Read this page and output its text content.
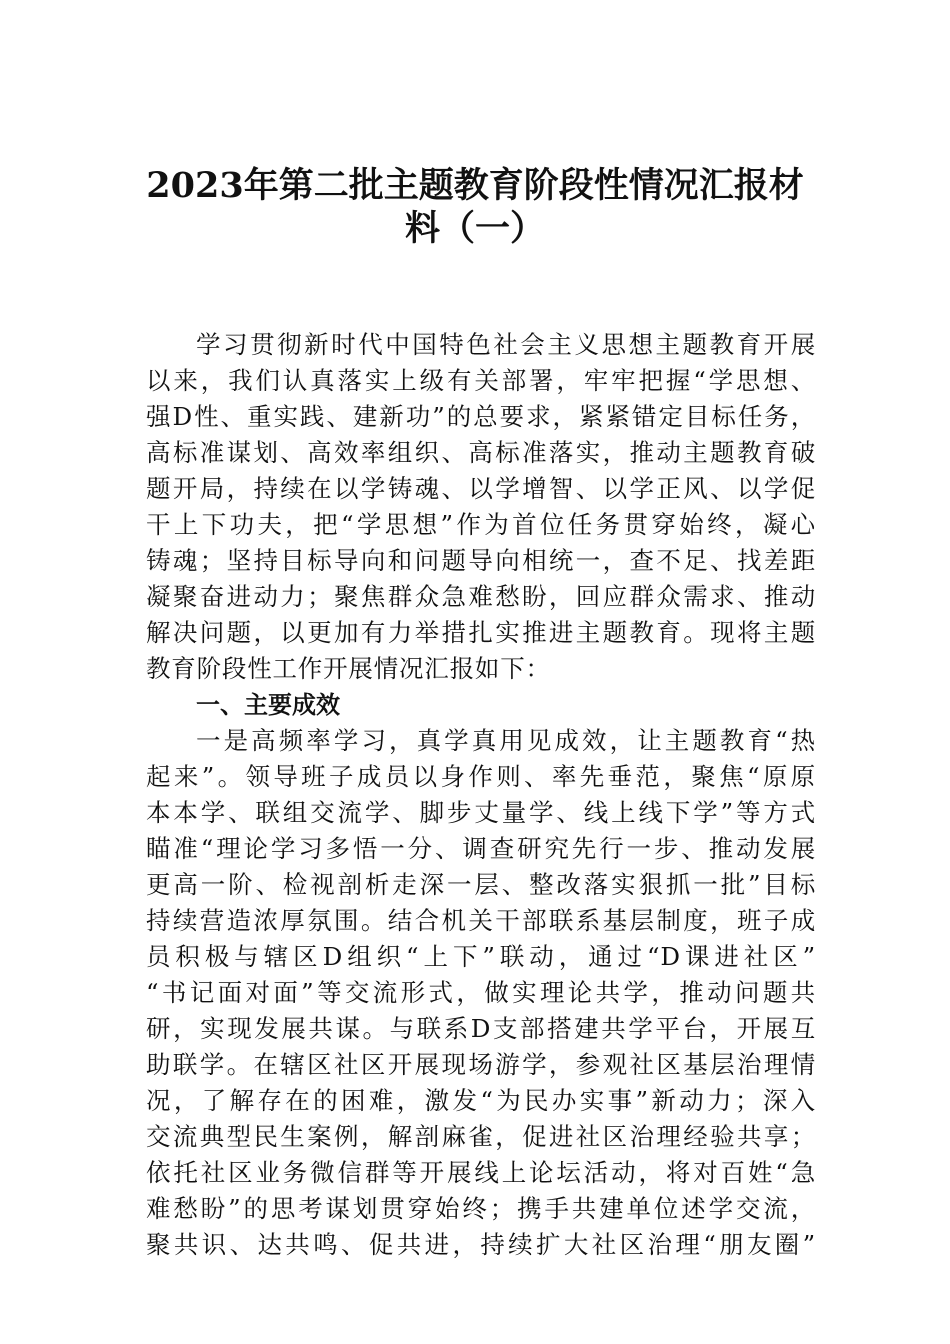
2023年第二批主题教育阶段性情况汇报材
料（一）
学习贯彻新时代中国特色社会主义思想主题教育开展
以来，我们认真落实上级有关部署，牢牢把握“学思想、
强D性、重实践、建新功”的总要求，紧紧错定目标任务，
高标准谋划、高效率组织、高标准落实，推动主题教育破
题开局，持续在以学铸魂、以学增智、以学正风、以学促
干上下功夫，把“学思想”作为首位任务贯穿始终，凝心
铸魂；坚持目标导向和问题导向相统一，查不足、找差距
凝聚奋进动力；聚焦群众急难愁盼，回应群众需求、推动
解决问题，以更加有力举措扎实推进主题教育。现将主题
教育阶段性工作开展情况汇报如下：
一、主要成效
一是高频率学习，真学真用见成效，让主题教育“热
起来”。领导班子成员以身作则、率先垂范，聚焦“原原
本本学、联组交流学、脚步丈量学、线上线下学”等方式
瞄准“理论学习多悟一分、调查研究先行一步、推动发展
更高一阶、检视剖析走深一层、整改落实狠抓一批”目标
持续营造浓厚氛围。结合机关干部联系基层制度，班子成
员积极与辖区D组织“上下”联动，通过“D课进社区”
“书记面对面”等交流形式，做实理论共学，推动问题共
研，实现发展共谋。与联系D支部搭建共学平台，开展互
助联学。在辖区社区开展现场游学，参观社区基层治理情
况，了解存在的困难，激发“为民办实事”新动力；深入
交流典型民生案例，解剖麻雀，促进社区治理经验共享；
依托社区业务微信群等开展线上论坛活动，将对百姓“急
难愁盼”的思考谋划贯穿始终；携手共建单位述学交流，
聚共识、达共鸣、促共进，持续扩大社区治理“朋友圈”
